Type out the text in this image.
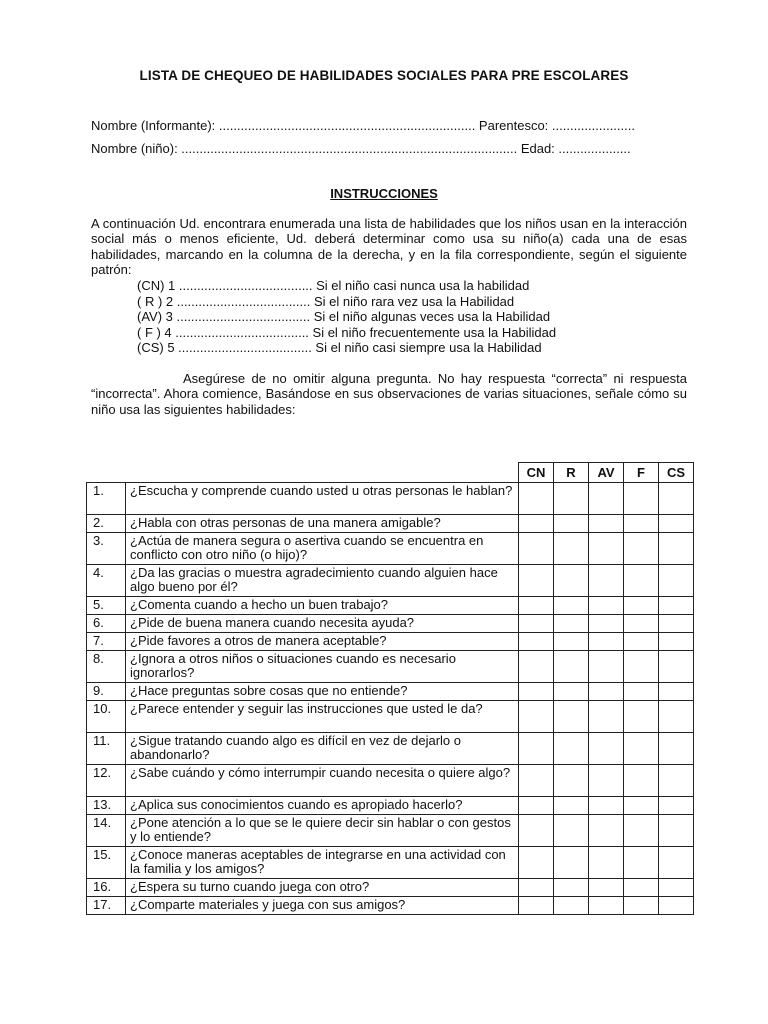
LISTA DE CHEQUEO DE HABILIDADES SOCIALES PARA PRE ESCOLARES
Nombre (Informante): ....................................................................... Parentesco: .......................
Nombre (niño): ............................................................................................. Edad: ....................
INSTRUCCIONES
A continuación Ud. encontrara enumerada una lista de habilidades que los niños usan en la interacción social más o menos eficiente, Ud. deberá determinar como usa su niño(a) cada una de esas habilidades, marcando en la columna de la derecha, y en la fila correspondiente, según el siguiente patrón:
(CN) 1 ..................................... Si el niño casi nunca usa la habilidad
( R ) 2 ..................................... Si el niño rara vez usa la Habilidad
(AV) 3 ..................................... Si el niño algunas veces usa la Habilidad
( F ) 4 ..................................... Si el niño frecuentemente usa la Habilidad
(CS) 5 ..................................... Si el niño casi siempre usa la Habilidad
Asegúrese de no omitir alguna pregunta. No hay respuesta “correcta” ni respuesta “incorrecta”. Ahora comience, Basándose en sus observaciones de varias situaciones, señale cómo su niño usa las siguientes habilidades:
		CN	R	AV	F	CS
1.	¿Escucha y comprende cuando usted u otras personas le hablan?					
2.	¿Habla con otras personas de una manera amigable?					
3.	¿Actúa de manera segura o asertiva cuando se encuentra en conflicto con otro niño (o hijo)?					
4.	¿Da las gracias o muestra agradecimiento cuando alguien hace algo bueno por él?					
5.	¿Comenta cuando a hecho un buen trabajo?					
6.	¿Pide de buena manera cuando necesita ayuda?					
7.	¿Pide favores a otros de manera aceptable?					
8.	¿Ignora a otros niños o situaciones cuando es necesario ignorarlos?					
9.	¿Hace preguntas sobre cosas que no entiende?					
10.	¿Parece entender y seguir las instrucciones que usted le da?					
11.	¿Sigue tratando cuando algo es difícil en vez de dejarlo o abandonarlo?					
12.	¿Sabe cuándo y cómo interrumpir cuando necesita o quiere algo?					
13.	¿Aplica sus conocimientos cuando es apropiado hacerlo?					
14.	¿Pone atención a lo que se le quiere decir sin hablar o con gestos y lo entiende?					
15.	¿Conoce maneras aceptables de integrarse en una actividad con la familia y los amigos?					
16.	¿Espera su turno cuando juega con otro?					
17.	¿Comparte materiales y juega con sus amigos?					
